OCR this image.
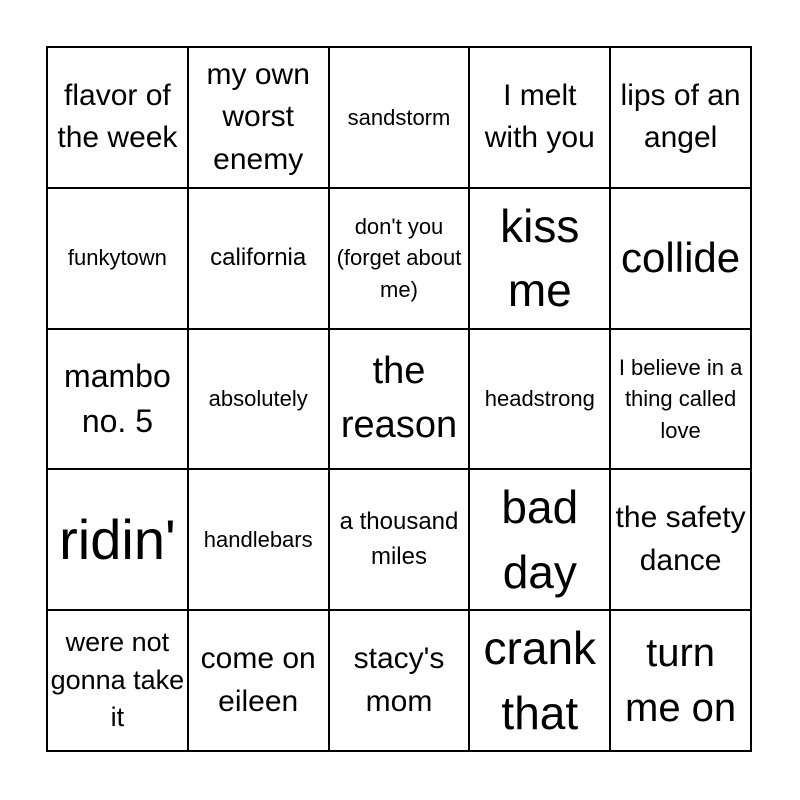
flavor of the week
my own worst enemy
sandstorm
I melt with you
lips of an angel
funkytown california
don't you (forget about me)
kiss me
collide
mambo no. 5
absolutely
the reason
headstrong
I believe in a thing called love
ridin' handlebars
a thousand miles
bad day
the safety dance
were not gonna take it
come on eileen
stacy's mom
crank that
turn me on
